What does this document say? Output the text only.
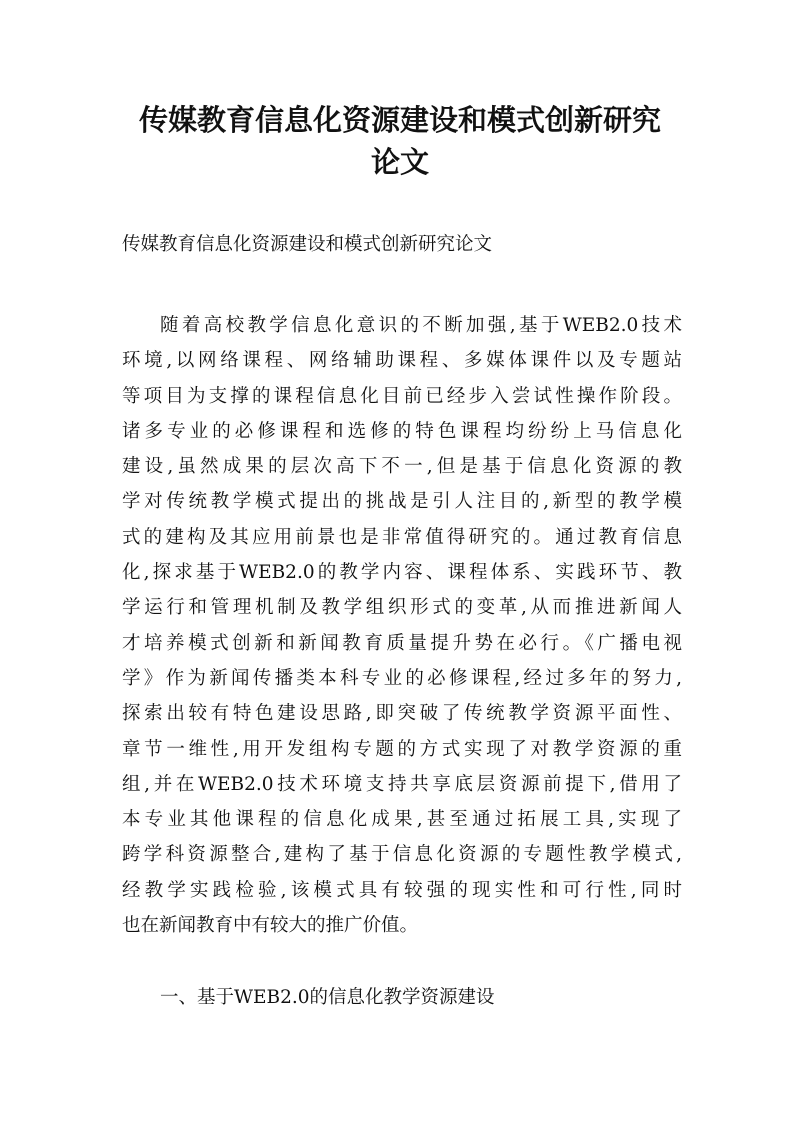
传媒教育信息化资源建设和模式创新研究
论文

传媒教育信息化资源建设和模式创新研究论文

随着高校教学信息化意识的不断加强,基于WEB2.0技术
环境,以网络课程、网络辅助课程、多媒体课件以及专题站
等项目为支撑的课程信息化目前已经步入尝试性操作阶段。
诸多专业的必修课程和选修的特色课程均纷纷上马信息化
建设,虽然成果的层次高下不一,但是基于信息化资源的教
学对传统教学模式提出的挑战是引人注目的,新型的教学模
式的建构及其应用前景也是非常值得研究的。通过教育信息
化,探求基于WEB2.0的教学内容、课程体系、实践环节、教
学运行和管理机制及教学组织形式的变革,从而推进新闻人
才培养模式创新和新闻教育质量提升势在必行。《广播电视
学》作为新闻传播类本科专业的必修课程,经过多年的努力,
探索出较有特色建设思路,即突破了传统教学资源平面性、
章节一维性,用开发组构专题的方式实现了对教学资源的重
组,并在WEB2.0技术环境支持共享底层资源前提下,借用了
本专业其他课程的信息化成果,甚至通过拓展工具,实现了
跨学科资源整合,建构了基于信息化资源的专题性教学模式,
经教学实践检验,该模式具有较强的现实性和可行性,同时
也在新闻教育中有较大的推广价值。

一、基于WEB2.0的信息化教学资源建设
